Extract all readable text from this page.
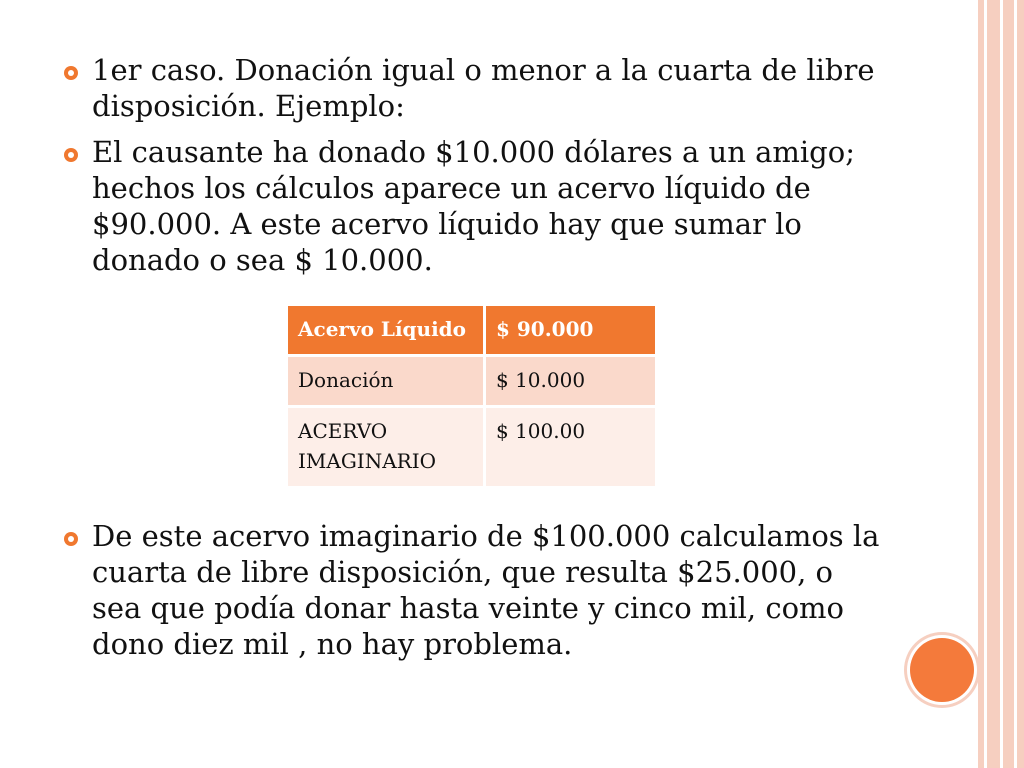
1er caso. Donación igual o menor a la cuarta de libre disposición. Ejemplo:
El causante ha donado $10.000 dólares a un amigo; hechos los cálculos aparece un acervo líquido de $90.000. A este acervo líquido hay que sumar lo donado o sea $ 10.000.
Acervo Líquido	$ 90.000
Donación	$ 10.000
ACERVO IMAGINARIO	$ 100.00
De este acervo imaginario de $100.000 calculamos la cuarta de libre disposición, que resulta $25.000, o sea que podía donar hasta veinte y cinco mil, como dono diez mil , no hay problema.
